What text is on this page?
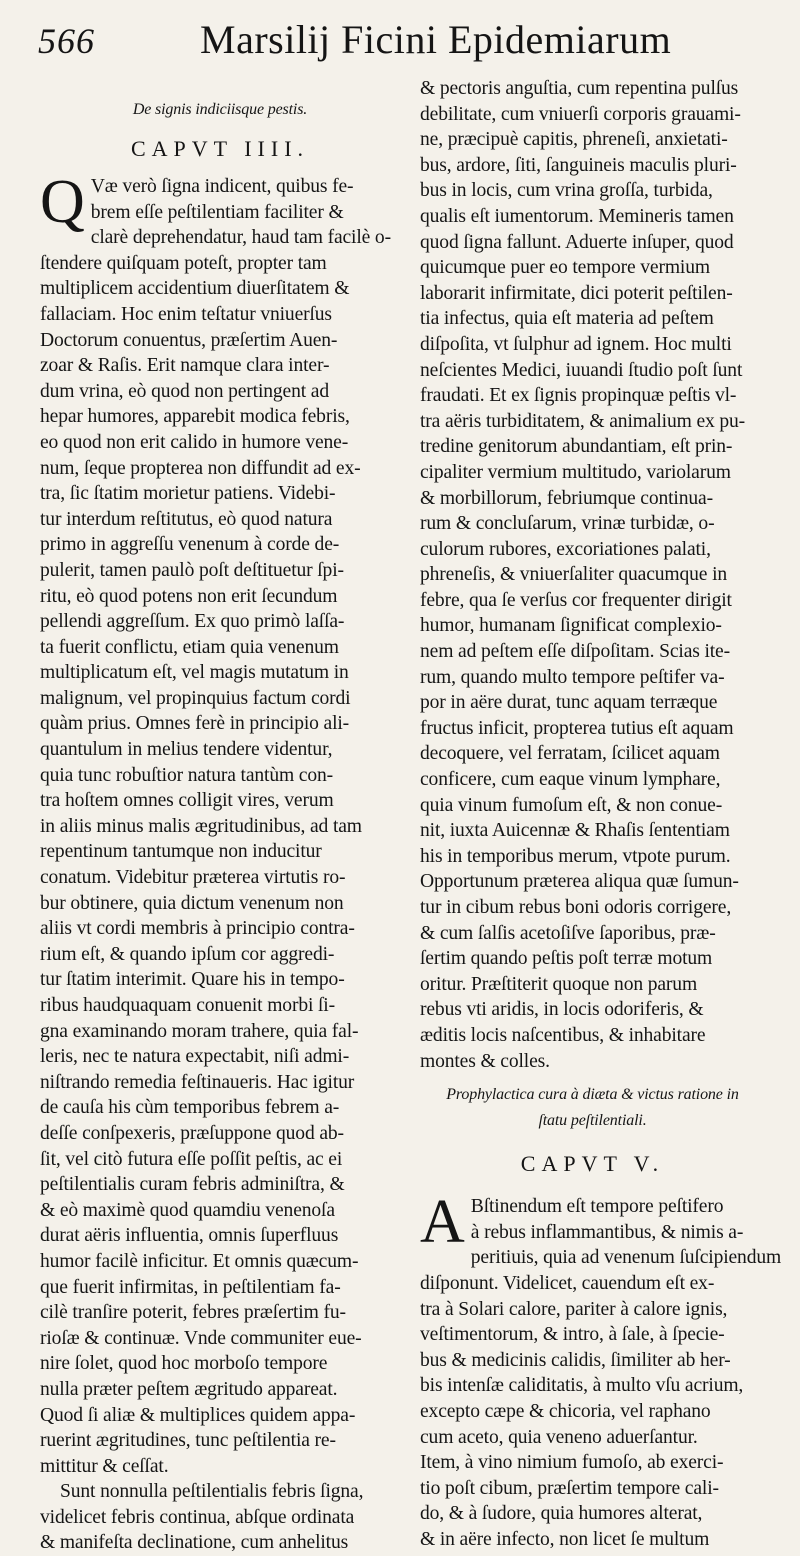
566	Marsilij Ficini Epidemiarum
De signis indiciisque pestis.
CAPVT IIII.
Q Væ verò ſigna indicent, quibus fe-
brem eſſe peſtilentiam faciliter &
clarè deprehendatur, haud tam facilè o-
ſtendere quiſquam poteſt, propter tam
multiplicem accidentium diuerſitatem &
fallaciam. Hoc enim teſtatur vniuerſus
Doctorum conuentus, præſertim Auen-
zoar & Raſis. Erit namque clara inter-
dum vrina, eò quod non pertingent ad
hepar humores, apparebit modica febris,
eo quod non erit calido in humore vene-
num, ſeque propterea non diffundit ad ex-
tra, ſic ſtatim morietur patiens. Videbi-
tur interdum reſtitutus, eò quod natura
primo in aggreſſu venenum à corde de-
pulerit, tamen paulò poſt deſtituetur ſpi-
ritu, eò quod potens non erit ſecundum
pellendi aggreſſum. Ex quo primò laſſa-
ta fuerit conflictu, etiam quia venenum
multiplicatum eſt, vel magis mutatum in
malignum, vel propinquius factum cordi
quàm prius. Omnes ferè in principio ali-
quantulum in melius tendere videntur,
quia tunc robuſtior natura tantùm con-
tra hoſtem omnes colligit vires, verum
in aliis minus malis ægritudinibus, ad tam
repentinum tantumque non inducitur
conatum. Videbitur præterea virtutis ro-
bur obtinere, quia dictum venenum non
aliis vt cordi membris à principio contra-
rium eſt, & quando ipſum cor aggredi-
tur ſtatim interimit. Quare his in tempo-
ribus haudquaquam conuenit morbi ſi-
gna examinando moram trahere, quia fal-
leris, nec te natura expectabit, niſi admi-
niſtrando remedia feſtinaueris. Hac igitur
de cauſa his cùm temporibus febrem a-
deſſe conſpexeris, præſuppone quod ab-
ſit, vel citò futura eſſe poſſit peſtis, ac ei
peſtilentialis curam febris adminiſtra, &
& eò maximè quod quamdiu venenoſa
durat aëris influentia, omnis ſuperfluus
humor facilè inficitur. Et omnis quæcum-
que fuerit infirmitas, in peſtilentiam fa-
cilè tranſire poterit, febres præſertim fu-
rioſæ & continuæ. Vnde communiter eue-
nire ſolet, quod hoc morboſo tempore
nulla præter peſtem ægritudo appareat.
Quod ſi aliæ & multiplices quidem appa-
ruerint ægritudines, tunc peſtilentia re-
mittitur & ceſſat.
Sunt nonnulla peſtilentialis febris ſigna,
videlicet febris continua, abſque ordinata
& manifeſta declinatione, cum anhelitus
& pectoris anguſtia, cum repentina pulſus
debilitate, cum vniuerſi corporis grauami-
ne, præcipuè capitis, phreneſi, anxietati-
bus, ardore, ſiti, ſanguineis maculis pluri-
bus in locis, cum vrina groſſa, turbida,
qualis eſt iumentorum. Memineris tamen
quod ſigna fallunt. Aduerte inſuper, quod
quicumque puer eo tempore vermium
laborarit infirmitate, dici poterit peſtilen-
tia infectus, quia eſt materia ad peſtem
diſpoſita, vt ſulphur ad ignem. Hoc multi
neſcientes Medici, iuuandi ſtudio poſt ſunt
fraudati. Et ex ſignis propinquæ peſtis vl-
tra aëris turbiditatem, & animalium ex pu-
tredine genitorum abundantiam, eſt prin-
cipaliter vermium multitudo, variolarum
& morbillorum, febriumque continua-
rum & concluſarum, vrinæ turbidæ, o-
culorum rubores, excoriationes palati,
phreneſis, & vniuerſaliter quacumque in
febre, qua ſe verſus cor frequenter dirigit
humor, humanam ſignificat complexio-
nem ad peſtem eſſe diſpoſitam. Scias ite-
rum, quando multo tempore peſtifer va-
por in aëre durat, tunc aquam terræque
fructus inficit, propterea tutius eſt aquam
decoquere, vel ferratam, ſcilicet aquam
conficere, cum eaque vinum lymphare,
quia vinum fumoſum eſt, & non conue-
nit, iuxta Auicennæ & Rhaſis ſententiam
his in temporibus merum, vtpote purum.
Opportunum præterea aliqua quæ ſumun-
tur in cibum rebus boni odoris corrigere,
& cum ſalſis acetoſiſve ſaporibus, præ-
ſertim quando peſtis poſt terræ motum
oritur. Præſtiterit quoque non parum
rebus vti aridis, in locis odoriferis, &
æditis locis naſcentibus, & inhabitare
montes & colles.
Prophylactica cura à diæta & victus ratione in
ſtatu peſtilentiali.
CAPVT V.
A Bſtinendum eſt tempore peſtifero
à rebus inflammantibus, & nimis a-
peritiuis, quia ad venenum ſuſcipiendum
diſponunt. Videlicet, cauendum eſt ex-
tra à Solari calore, pariter à calore ignis,
veſtimentorum, & intro, à ſale, à ſpecie-
bus & medicinis calidis, ſimiliter ab her-
bis intenſæ caliditatis, à multo vſu acrium,
excepto cæpe & chicoria, vel raphano
cum aceto, quia veneno aduerſantur.
Item, à vino nimium fumoſo, ab exerci-
tio poſt cibum, præſertim tempore cali-
do, & à ſudore, quia humores alterat,
& in aëre infecto, non licet ſe multum
